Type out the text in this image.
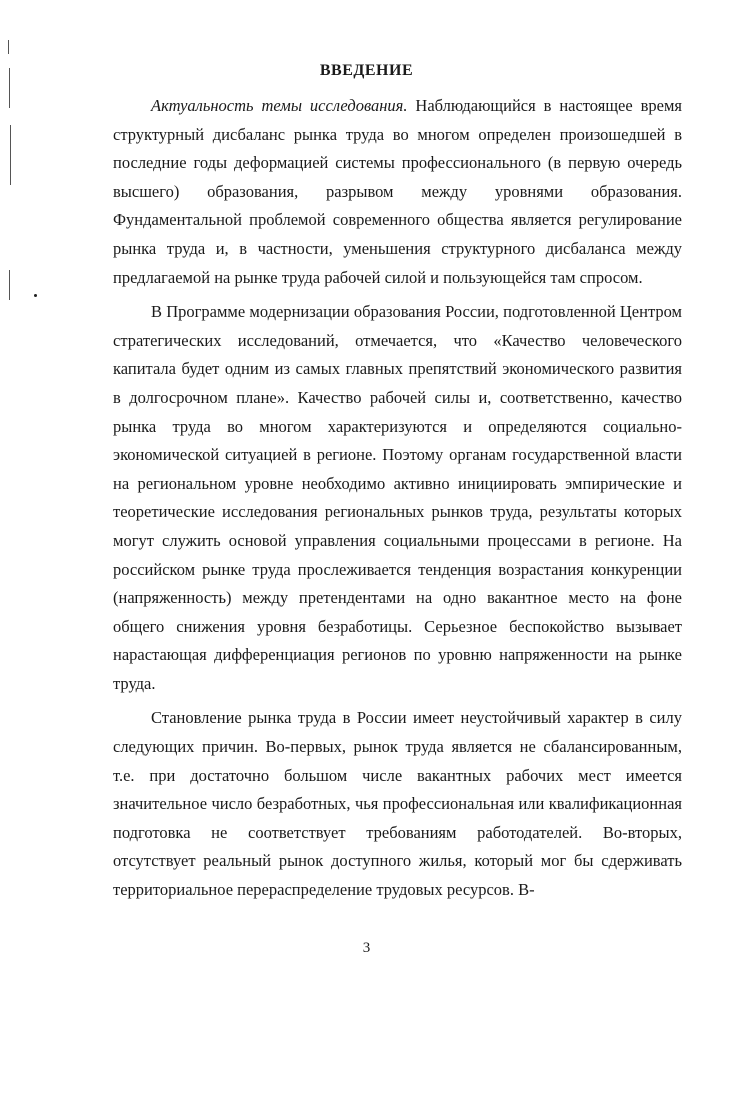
ВВЕДЕНИЕ

Актуальность темы исследования. Наблюдающийся в настоящее время структурный дисбаланс рынка труда во многом определен произошедшей в последние годы деформацией системы профессионального (в первую очередь высшего) образования, разрывом между уровнями образования. Фундаментальной проблемой современного общества является регулирование рынка труда и, в частности, уменьшения структурного дисбаланса между предлагаемой на рынке труда рабочей силой и пользующейся там спросом.

В Программе модернизации образования России, подготовленной Центром стратегических исследований, отмечается, что «Качество человеческого капитала будет одним из самых главных препятствий экономического развития в долгосрочном плане». Качество рабочей силы и, соответственно, качество рынка труда во многом характеризуются и определяются социально-экономической ситуацией в регионе. Поэтому органам государственной власти на региональном уровне необходимо активно инициировать эмпирические и теоретические исследования региональных рынков труда, результаты которых могут служить основой управления социальными процессами в регионе. На российском рынке труда прослеживается тенденция возрастания конкуренции (напряженность) между претендентами на одно вакантное место на фоне общего снижения уровня безработицы. Серьезное беспокойство вызывает нарастающая дифференциация регионов по уровню напряженности на рынке труда.

Становление рынка труда в России имеет неустойчивый характер в силу следующих причин. Во-первых, рынок труда является не сбалансированным, т.е. при достаточно большом числе вакантных рабочих мест имеется значительное число безработных, чья профессиональная или квалификационная подготовка не соответствует требованиям работодателей. Во-вторых, отсутствует реальный рынок доступного жилья, который мог бы сдерживать территориальное перераспределение трудовых ресурсов. В-

3
